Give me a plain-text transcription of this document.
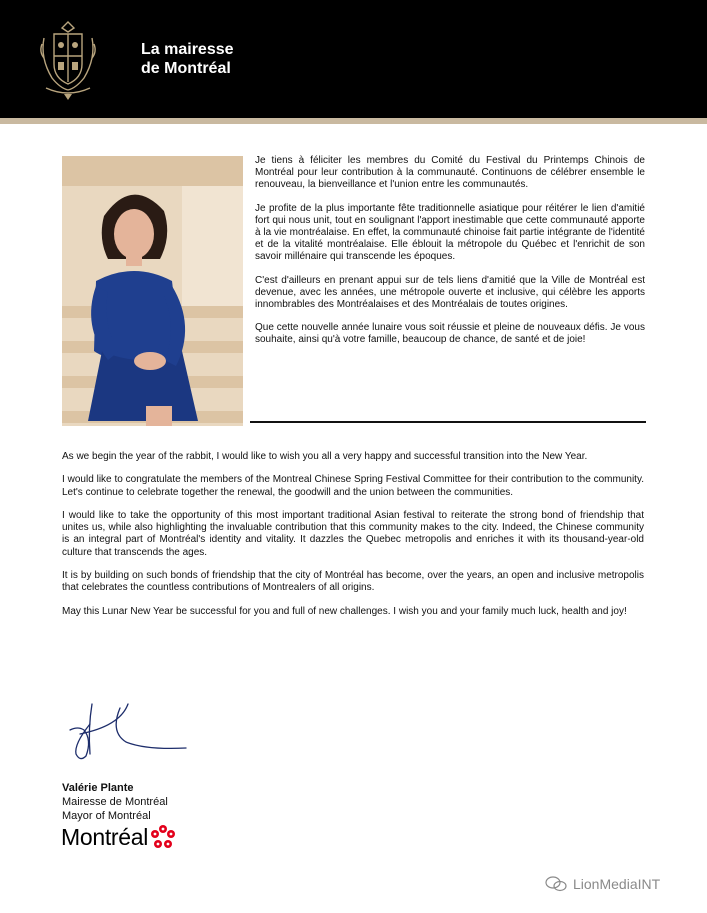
La mairesse
de Montréal

Je tiens à féliciter les membres du Comité du Festival du Printemps Chinois de Montréal pour leur contribution à la communauté. Continuons de célébrer ensemble le renouveau, la bienveillance et l'union entre les communautés.

Je profite de la plus importante fête traditionnelle asiatique pour réitérer le lien d'amitié fort qui nous unit, tout en soulignant l'apport inestimable que cette communauté apporte à la vie montréalaise. En effet, la communauté chinoise fait partie intégrante de l'identité et de la vitalité montréalaise. Elle éblouit la métropole du Québec et l'enrichit de son savoir millénaire qui transcende les époques.

C'est d'ailleurs en prenant appui sur de tels liens d'amitié que la Ville de Montréal est devenue, avec les années, une métropole ouverte et inclusive, qui célèbre les apports innombrables des Montréalaises et des Montréalais de toutes origines.

Que cette nouvelle année lunaire vous soit réussie et pleine de nouveaux défis. Je vous souhaite, ainsi qu'à votre famille, beaucoup de chance, de santé et de joie!

As we begin the year of the rabbit, I would like to wish you all a very happy and successful transition into the New Year.

I would like to congratulate the members of the Montreal Chinese Spring Festival Committee for their contribution to the community. Let's continue to celebrate together the renewal, the goodwill and the union between the communities.

I would like to take the opportunity of this most important traditional Asian festival to reiterate the strong bond of friendship that unites us, while also highlighting the invaluable contribution that this community makes to the city. Indeed, the Chinese community is an integral part of Montréal's identity and vitality. It dazzles the Quebec metropolis and enriches it with its thousand-year-old culture that transcends the ages.

It is by building on such bonds of friendship that the city of Montréal has become, over the years, an open and inclusive metropolis that celebrates the countless contributions of Montrealers of all origins.

May this Lunar New Year be successful for you and full of new challenges. I wish you and your family much luck, health and joy!

Valérie Plante
Mairesse de Montréal
Mayor of Montréal
Montréal
LionMediaINT
